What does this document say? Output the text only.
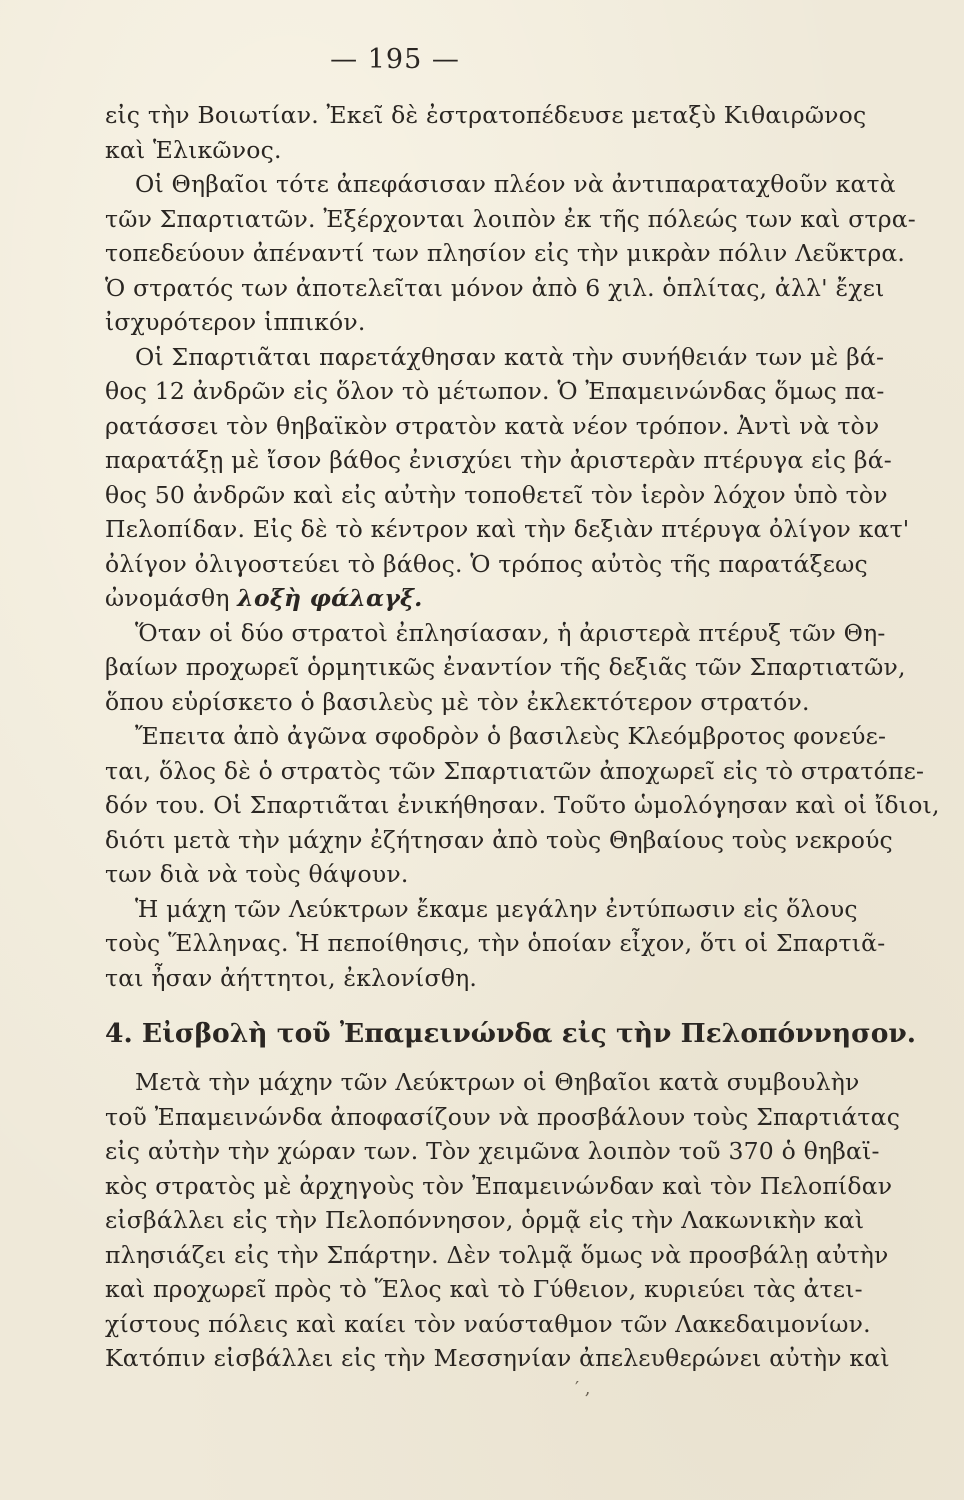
— 195 —
εἰς τὴν Βοιωτίαν. Ἐκεῖ δὲ ἐστρατοπέδευσε μεταξὺ Κιθαιρῶνος
καὶ Ἑλικῶνος.
Οἱ Θηβαῖοι τότε ἀπεφάσισαν πλέον νὰ ἀντιπαραταχθοῦν κατὰ
τῶν Σπαρτιατῶν. Ἐξέρχονται λοιπὸν ἐκ τῆς πόλεώς των καὶ στρα-
τοπεδεύουν ἀπέναντί των πλησίον εἰς τὴν μικρὰν πόλιν Λεῦκτρα.
Ὁ στρατός των ἀποτελεῖται μόνον ἀπὸ 6 χιλ. ὁπλίτας, ἀλλ' ἔχει
ἰσχυρότερον ἱππικόν.
Οἱ Σπαρτιᾶται παρετάχθησαν κατὰ τὴν συνήθειάν των μὲ βά-
θος 12 ἀνδρῶν εἰς ὅλον τὸ μέτωπον. Ὁ Ἐπαμεινώνδας ὅμως πα-
ρατάσσει τὸν θηβαϊκὸν στρατὸν κατὰ νέον τρόπον. Ἀντὶ νὰ τὸν
παρατάξῃ μὲ ἴσον βάθος ἐνισχύει τὴν ἀριστερὰν πτέρυγα εἰς βά-
θος 50 ἀνδρῶν καὶ εἰς αὐτὴν τοποθετεῖ τὸν ἱερὸν λόχον ὑπὸ τὸν
Πελοπίδαν. Εἰς δὲ τὸ κέντρον καὶ τὴν δεξιὰν πτέρυγα ὀλίγον κατ'
ὀλίγον ὀλιγοστεύει τὸ βάθος. Ὁ τρόπος αὐτὸς τῆς παρατάξεως
ὠνομάσθη λοξὴ φάλαγξ.
Ὅταν οἱ δύο στρατοὶ ἐπλησίασαν, ἡ ἀριστερὰ πτέρυξ τῶν Θη-
βαίων προχωρεῖ ὁρμητικῶς ἐναντίον τῆς δεξιᾶς τῶν Σπαρτιατῶν,
ὅπου εὑρίσκετο ὁ βασιλεὺς μὲ τὸν ἐκλεκτότερον στρατόν.
Ἔπειτα ἀπὸ ἀγῶνα σφοδρὸν ὁ βασιλεὺς Κλεόμβροτος φονεύε-
ται, ὅλος δὲ ὁ στρατὸς τῶν Σπαρτιατῶν ἀποχωρεῖ εἰς τὸ στρατόπε-
δόν του. Οἱ Σπαρτιᾶται ἐνικήθησαν. Τοῦτο ὡμολόγησαν καὶ οἱ ἴδιοι,
διότι μετὰ τὴν μάχην ἐζήτησαν ἀπὸ τοὺς Θηβαίους τοὺς νεκρούς
των διὰ νὰ τοὺς θάψουν.
Ἡ μάχη τῶν Λεύκτρων ἔκαμε μεγάλην ἐντύπωσιν εἰς ὅλους
τοὺς Ἕλληνας. Ἡ πεποίθησις, τὴν ὁποίαν εἶχον, ὅτι οἱ Σπαρτιᾶ-
ται ἦσαν ἀήττητοι, ἐκλονίσθη.
4. Εἰσβολὴ τοῦ Ἐπαμεινώνδα εἰς τὴν Πελοπόννησον.
Μετὰ τὴν μάχην τῶν Λεύκτρων οἱ Θηβαῖοι κατὰ συμβουλὴν
τοῦ Ἐπαμεινώνδα ἀποφασίζουν νὰ προσβάλουν τοὺς Σπαρτιάτας
εἰς αὐτὴν τὴν χώραν των. Τὸν χειμῶνα λοιπὸν τοῦ 370 ὁ θηβαϊ-
κὸς στρατὸς μὲ ἀρχηγοὺς τὸν Ἐπαμεινώνδαν καὶ τὸν Πελοπίδαν
εἰσβάλλει εἰς τὴν Πελοπόννησον, ὁρμᾷ εἰς τὴν Λακωνικὴν καὶ
πλησιάζει εἰς τὴν Σπάρτην. Δὲν τολμᾷ ὅμως νὰ προσβάλῃ αὐτὴν
καὶ προχωρεῖ πρὸς τὸ Ἕλος καὶ τὸ Γύθειον, κυριεύει τὰς ἀτει-
χίστους πόλεις καὶ καίει τὸν ναύσταθμον τῶν Λακεδαιμονίων.
Κατόπιν εἰσβάλλει εἰς τὴν Μεσσηνίαν ἀπελευθερώνει αὐτὴν καὶ
′ ,
